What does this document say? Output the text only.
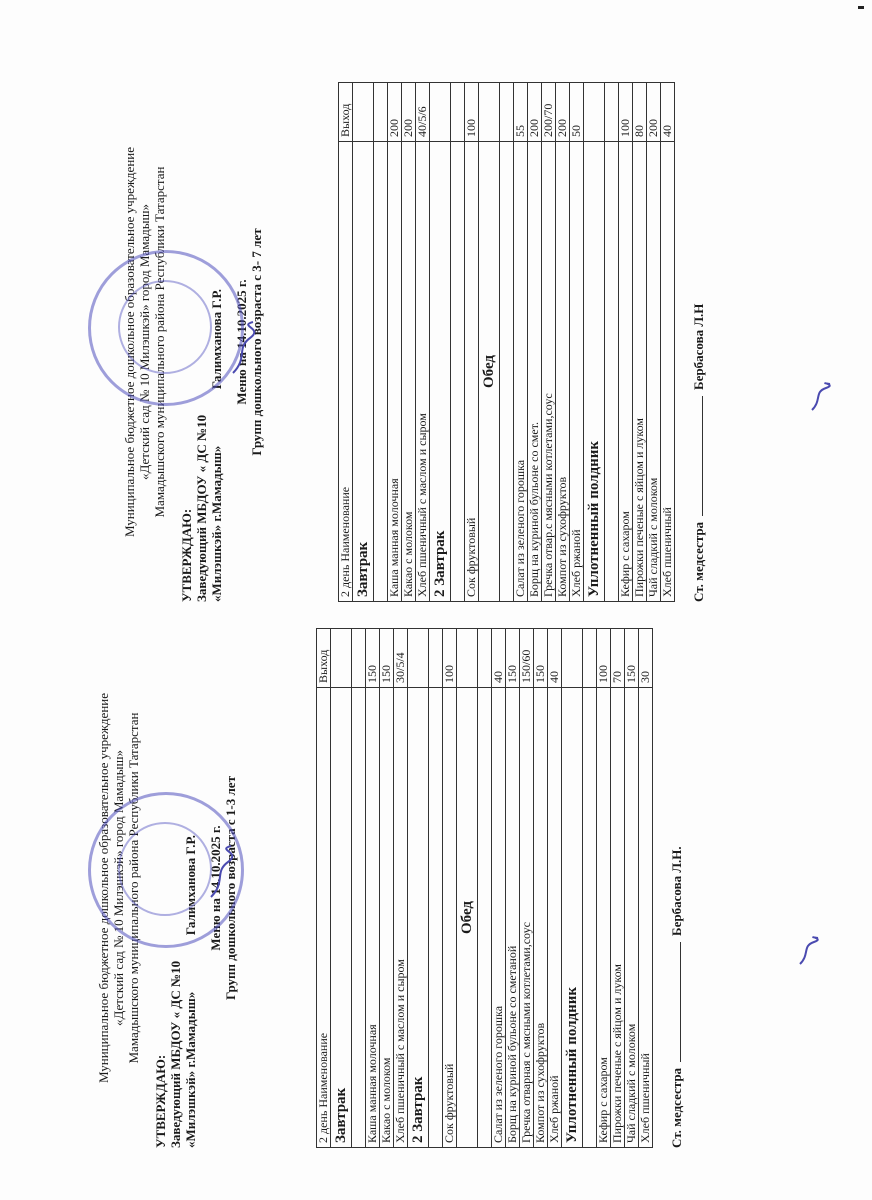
Муниципальное бюджетное дошкольное образовательное учреждение «Детский сад № 10 Милэшкэй» город Мамадыш» Мамадышского муниципального района Республики Татарстан
УТВЕРЖДАЮ: Заведующий МБДОУ « ДС №10 «Милэшкэй» г.Мамадыш»  Галимханова Г.Р. Меню на 14.10.2025 г. Групп дошкольного возраста с 1-3 лет
2 день Наименование	Выход
Завтрак	

Каша манная молочная	150
Какао с молоком	150
Хлеб пшеничный с маслом и сыром	30/5/4
2 Завтрак	

Сок фруктовый	100
Обед	

Салат из зеленого горошка	40
Борщ на куриной бульоне со сметаной	150
Гречка отварная с мясными котлетами,соус	150/60
Компот из сухофруктов	150
Хлеб ржаной	40
Уплотненный полдник	

Кефир с сахаром	100
Пирожки печеные с яйцом и луком	70
Чай сладкий с молоком	150
Хлеб пшеничный	30
Ст. медсестраБербасова Л.Н.
Муниципальное бюджетное дошкольное образовательное учреждение «Детский сад № 10 Милэшкэй» город Мамадыш» Мамадышского муниципального района Республики Татарстан
УТВЕРЖДАЮ: Заведующий МБДОУ « ДС №10 «Милэшкэй» г.Мамадыш»  Галимханова Г.Р. Меню на 14.10.2025 г. Групп дошкольного возраста с 3- 7 лет
2 день Наименование	Выход
Завтрак	

Каша манная молочная	200
Какао с молоком	200
Хлеб пшеничный с маслом и сыром	40/5/6
2 Завтрак	

Сок фруктовый	100
Обед	

Салат из зеленого горошка	55
Борщ на куриной бульоне со смет.	200
Гречка отвар.с мясными котлетами,соус	200/70
Компот из сухофруктов	200
Хлеб ржаной	50
Уплотненный полдник	

Кефир с сахаром	100
Пирожки печеные с яйцом и луком	80
Чай сладкий с молоком	200
Хлеб пшеничный	40
Ст. медсестраБербасова Л.Н
